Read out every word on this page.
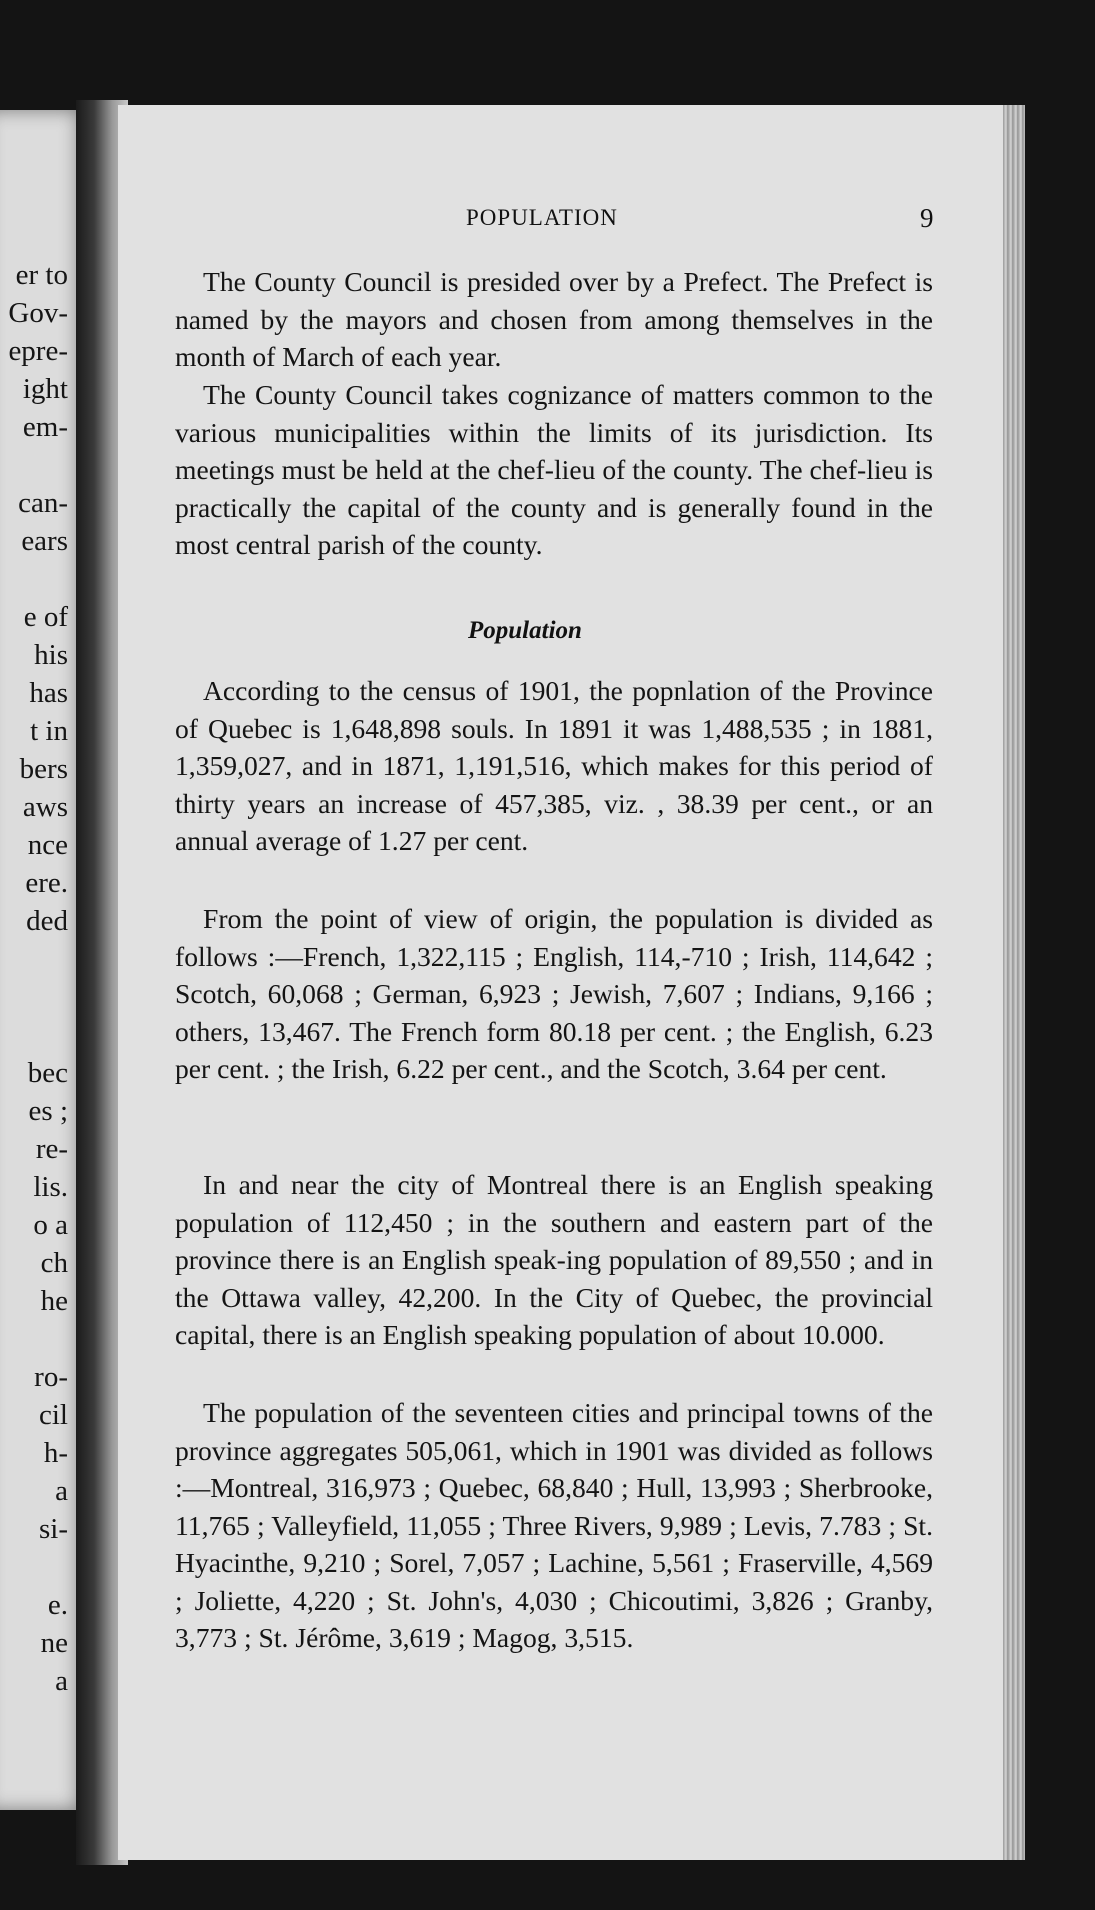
er to
Gov-
epre-
ight
em-
can-
ears
e of
his
has
t in
bers
aws
nce
ere.
ded
bec
es ;
re-
lis.
o a
ch
he
ro-
cil
h-
a
si-
e.
ne
a
POPULATION	9

The County Council is presided over by a Prefect. The Prefect is named by the mayors and chosen from among themselves in the month of March of each year.

The County Council takes cognizance of matters common to the various municipalities within the limits of its jurisdiction. Its meetings must be held at the chef-lieu of the county. The chef-lieu is practically the capital of the county and is generally found in the most central parish of the county.

Population

According to the census of 1901, the popnlation of the Province of Quebec is 1,648,898 souls. In 1891 it was 1,488,535 ; in 1881, 1,359,027, and in 1871, 1,191,516, which makes for this period of thirty years an increase of 457,385, viz. , 38.39 per cent., or an annual average of 1.27 per cent.

From the point of view of origin, the population is divided as follows :—French, 1,322,115 ; English, 114,-710 ; Irish, 114,642 ; Scotch, 60,068 ; German, 6,923 ; Jewish, 7,607 ; Indians, 9,166 ; others, 13,467. The French form 80.18 per cent. ; the English, 6.23 per cent. ; the Irish, 6.22 per cent., and the Scotch, 3.64 per cent.

In and near the city of Montreal there is an English speaking population of 112,450 ; in the southern and eastern part of the province there is an English speak-ing population of 89,550 ; and in the Ottawa valley, 42,200. In the City of Quebec, the provincial capital, there is an English speaking population of about 10.000.

The population of the seventeen cities and principal towns of the province aggregates 505,061, which in 1901 was divided as follows :—Montreal, 316,973 ; Quebec, 68,840 ; Hull, 13,993 ; Sherbrooke, 11,765 ; Valleyfield, 11,055 ; Three Rivers, 9,989 ; Levis, 7.783 ; St. Hyacinthe, 9,210 ; Sorel, 7,057 ; Lachine, 5,561 ; Fraserville, 4,569 ; Joliette, 4,220 ; St. John's, 4,030 ; Chicoutimi, 3,826 ; Granby, 3,773 ; St. Jérôme, 3,619 ; Magog, 3,515.
